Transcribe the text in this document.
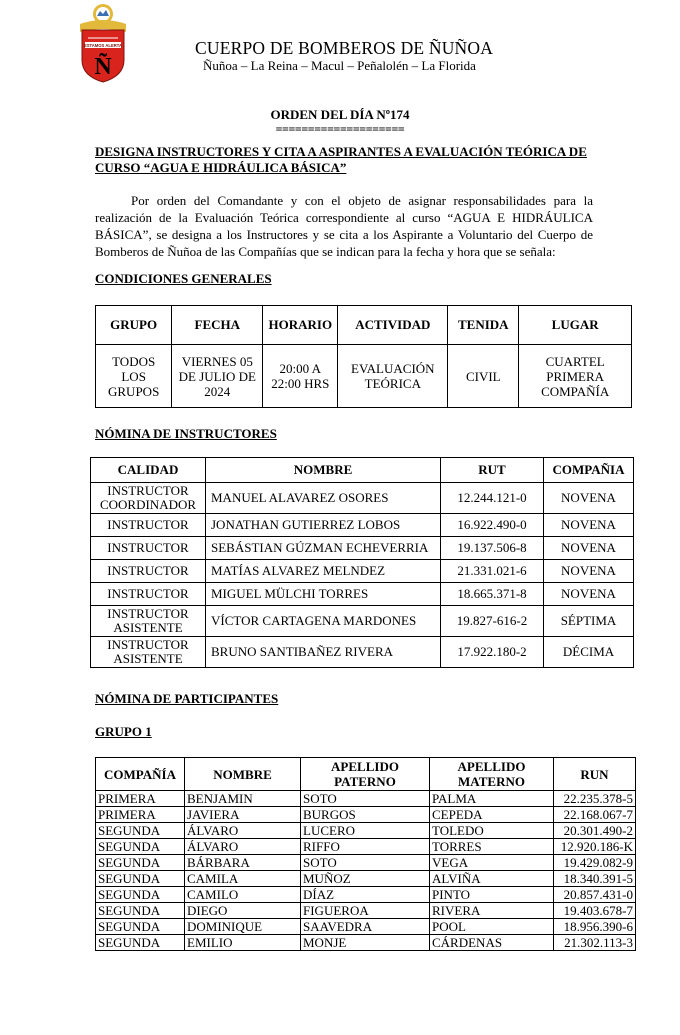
ESTAMOS ALERTA
Ñ
CUERPO DE BOMBEROS DE ÑUÑOA
Ñuñoa – La Reina – Macul – Peñalolén – La Florida
ORDEN DEL DÍA Nº174
====================
DESIGNA INSTRUCTORES Y CITA A ASPIRANTES A EVALUACIÓN TEÓRICA DE CURSO “AGUA E HIDRÁULICA BÁSICA”
Por orden del Comandante y con el objeto de asignar responsabilidades para la realización de la Evaluación Teórica correspondiente al curso “AGUA E HIDRÁULICA BÁSICA”, se designa a los Instructores y se cita a los Aspirante a Voluntario del Cuerpo de Bomberos de Ñuñoa de las Compañías que se indican para la fecha y hora que se señala:
CONDICIONES GENERALES
GRUPO	FECHA	HORARIO	ACTIVIDAD	TENIDA	LUGAR
TODOS LOS GRUPOS	VIERNES 05 DE JULIO DE 2024	20:00 A 22:00 HRS	EVALUACIÓN TEÓRICA	CIVIL	CUARTEL PRIMERA COMPAÑÍA
NÓMINA DE INSTRUCTORES
CALIDAD	NOMBRE	RUT	COMPAÑIA
INSTRUCTOR COORDINADOR	MANUEL ALAVAREZ OSORES	12.244.121-0	NOVENA
INSTRUCTOR	JONATHAN GUTIERREZ LOBOS	16.922.490-0	NOVENA
INSTRUCTOR	SEBÁSTIAN GÚZMAN ECHEVERRIA	19.137.506-8	NOVENA
INSTRUCTOR	MATÍAS ALVAREZ MELNDEZ	21.331.021-6	NOVENA
INSTRUCTOR	MIGUEL MÜLCHI TORRES	18.665.371-8	NOVENA
INSTRUCTOR ASISTENTE	VÍCTOR CARTAGENA MARDONES	19.827-616-2	SÉPTIMA
INSTRUCTOR ASISTENTE	BRUNO SANTIBAÑEZ RIVERA	17.922.180-2	DÉCIMA
NÓMINA DE PARTICIPANTES
GRUPO 1
COMPAÑÍA	NOMBRE	APELLIDO PATERNO	APELLIDO MATERNO	RUN
PRIMERA	BENJAMIN	SOTO	PALMA	22.235.378-5
PRIMERA	JAVIERA	BURGOS	CEPEDA	22.168.067-7
SEGUNDA	ÁLVARO	LUCERO	TOLEDO	20.301.490-2
SEGUNDA	ÁLVARO	RIFFO	TORRES	12.920.186-K
SEGUNDA	BÁRBARA	SOTO	VEGA	19.429.082-9
SEGUNDA	CAMILA	MUÑOZ	ALVIÑA	18.340.391-5
SEGUNDA	CAMILO	DÍAZ	PINTO	20.857.431-0
SEGUNDA	DIEGO	FIGUEROA	RIVERA	19.403.678-7
SEGUNDA	DOMINIQUE	SAAVEDRA	POOL	18.956.390-6
SEGUNDA	EMILIO	MONJE	CÁRDENAS	21.302.113-3
